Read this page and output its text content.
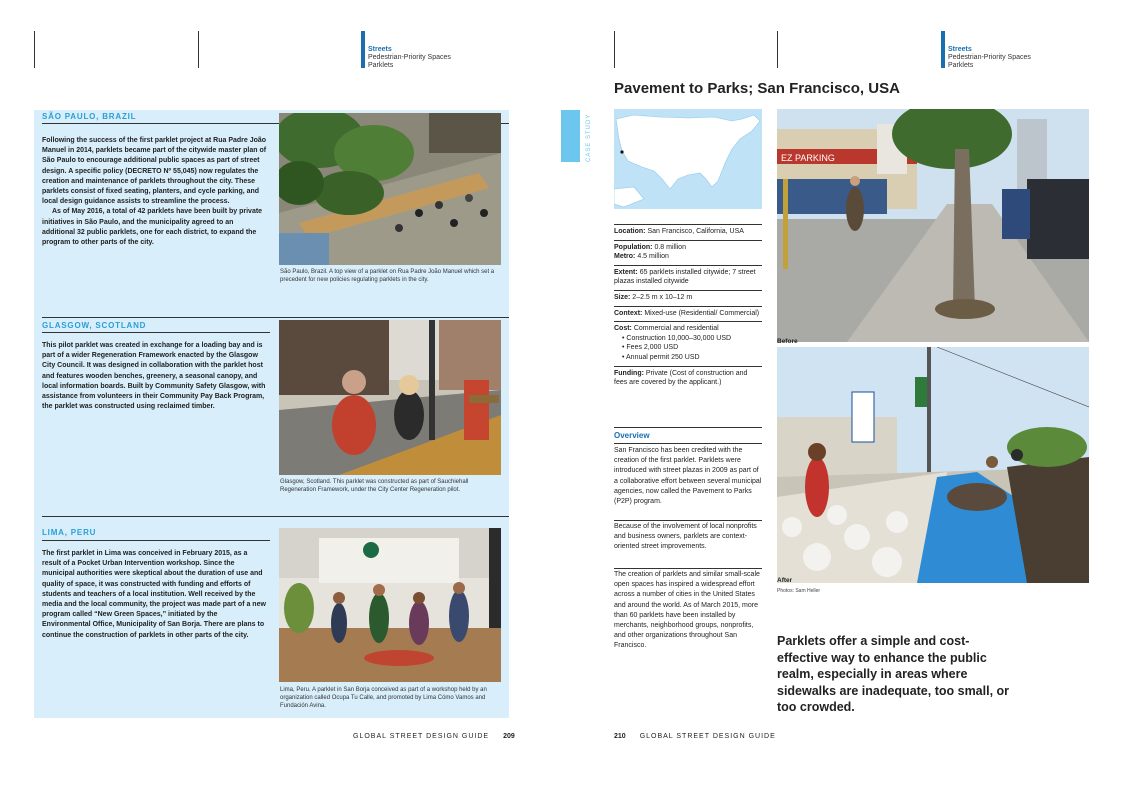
Streets
Pedestrian-Priority Spaces
Parklets
Streets
Pedestrian-Priority Spaces
Parklets
SÃO PAULO, BRAZIL

Following the success of the first parklet project at Rua Padre João Manuel in 2014, parklets became part of the citywide master plan of São Paulo to encourage additional public spaces as part of street design. A specific policy (DECRETO Nº 55,045) now regulates the creation and maintenance of parklets throughout the city. These parklets consist of fixed seating, planters, and cycle parking, and local design guidance assists to streamline the process.

As of May 2016, a total of 42 parklets have been built by private initiatives in São Paulo, and the municipality agreed to an additional 32 public parklets, one for each district, to expand the program to other parts of the city.

São Paulo, Brazil. A top view of a parklet on Rua Padre João Manuel which set a precedent for new policies regulating parklets in the city.
GLASGOW, SCOTLAND

This pilot parklet was created in exchange for a loading bay and is part of a wider Regeneration Framework enacted by the Glasgow City Council. It was designed in collaboration with the parklet host and features wooden benches, greenery, a seasonal canopy, and local information boards. Built by Community Safety Glasgow, with assistance from volunteers in their Community Pay Back Program, the parklet was constructed using reclaimed timber.

Glasgow, Scotland. This parklet was constructed as part of Sauchiehall Regeneration Framework, under the City Center Regeneration pilot.
LIMA, PERU

The first parklet in Lima was conceived in February 2015, as a result of a Pocket Urban Intervention workshop. Since the municipal authorities were skeptical about the duration of use and quality of space, it was constructed with funding and efforts of students and teachers of a local institution. Well received by the media and the local community, the project was made part of a new program called “New Green Spaces,” initiated by the Environmental Office, Municipality of San Borja. There are plans to continue the construction of parklets in other parts of the city.

Lima, Peru. A parklet in San Borja conceived as part of a workshop held by an organization called Ocupa Tu Calle, and promoted by Lima Cómo Vamos and Fundación Avina.
GLOBAL STREET DESIGN GUIDE 209
Pavement to Parks; San Francisco, USA
CASE STUDY
Location: San Francisco, California, USA
Population: 0.8 million
Metro: 4.5 million
Extent: 65 parklets installed citywide; 7 street plazas installed citywide
Size: 2–2.5 m x 10–12 m
Context: Mixed-use (Residential/ Commercial)
Cost: Commercial and residential
• Construction 10,000–30,000 USD
• Fees 2,000 USD
• Annual permit 250 USD
Funding: Private (Cost of construction and fees are covered by the applicant.)
Overview
San Francisco has been credited with the creation of the first parklet. Parklets were introduced with street plazas in 2009 as part of a collaborative effort between several municipal agencies, now called the Pavement to Parks (P2P) program.
Because of the involvement of local nonprofits and business owners, parklets are context-oriented street improvements.
The creation of parklets and similar small-scale open spaces has inspired a widespread effort across a number of cities in the United States and around the world. As of March 2015, more than 60 parklets have been installed by merchants, neighborhood groups, nonprofits, and other organizations throughout San Francisco.
EZ PARKING
Before
After
Photos: Sam Heller
Parklets offer a simple and cost-effective way to enhance the public realm, especially in areas where sidewalks are inadequate, too small, or too crowded.
210 GLOBAL STREET DESIGN GUIDE
